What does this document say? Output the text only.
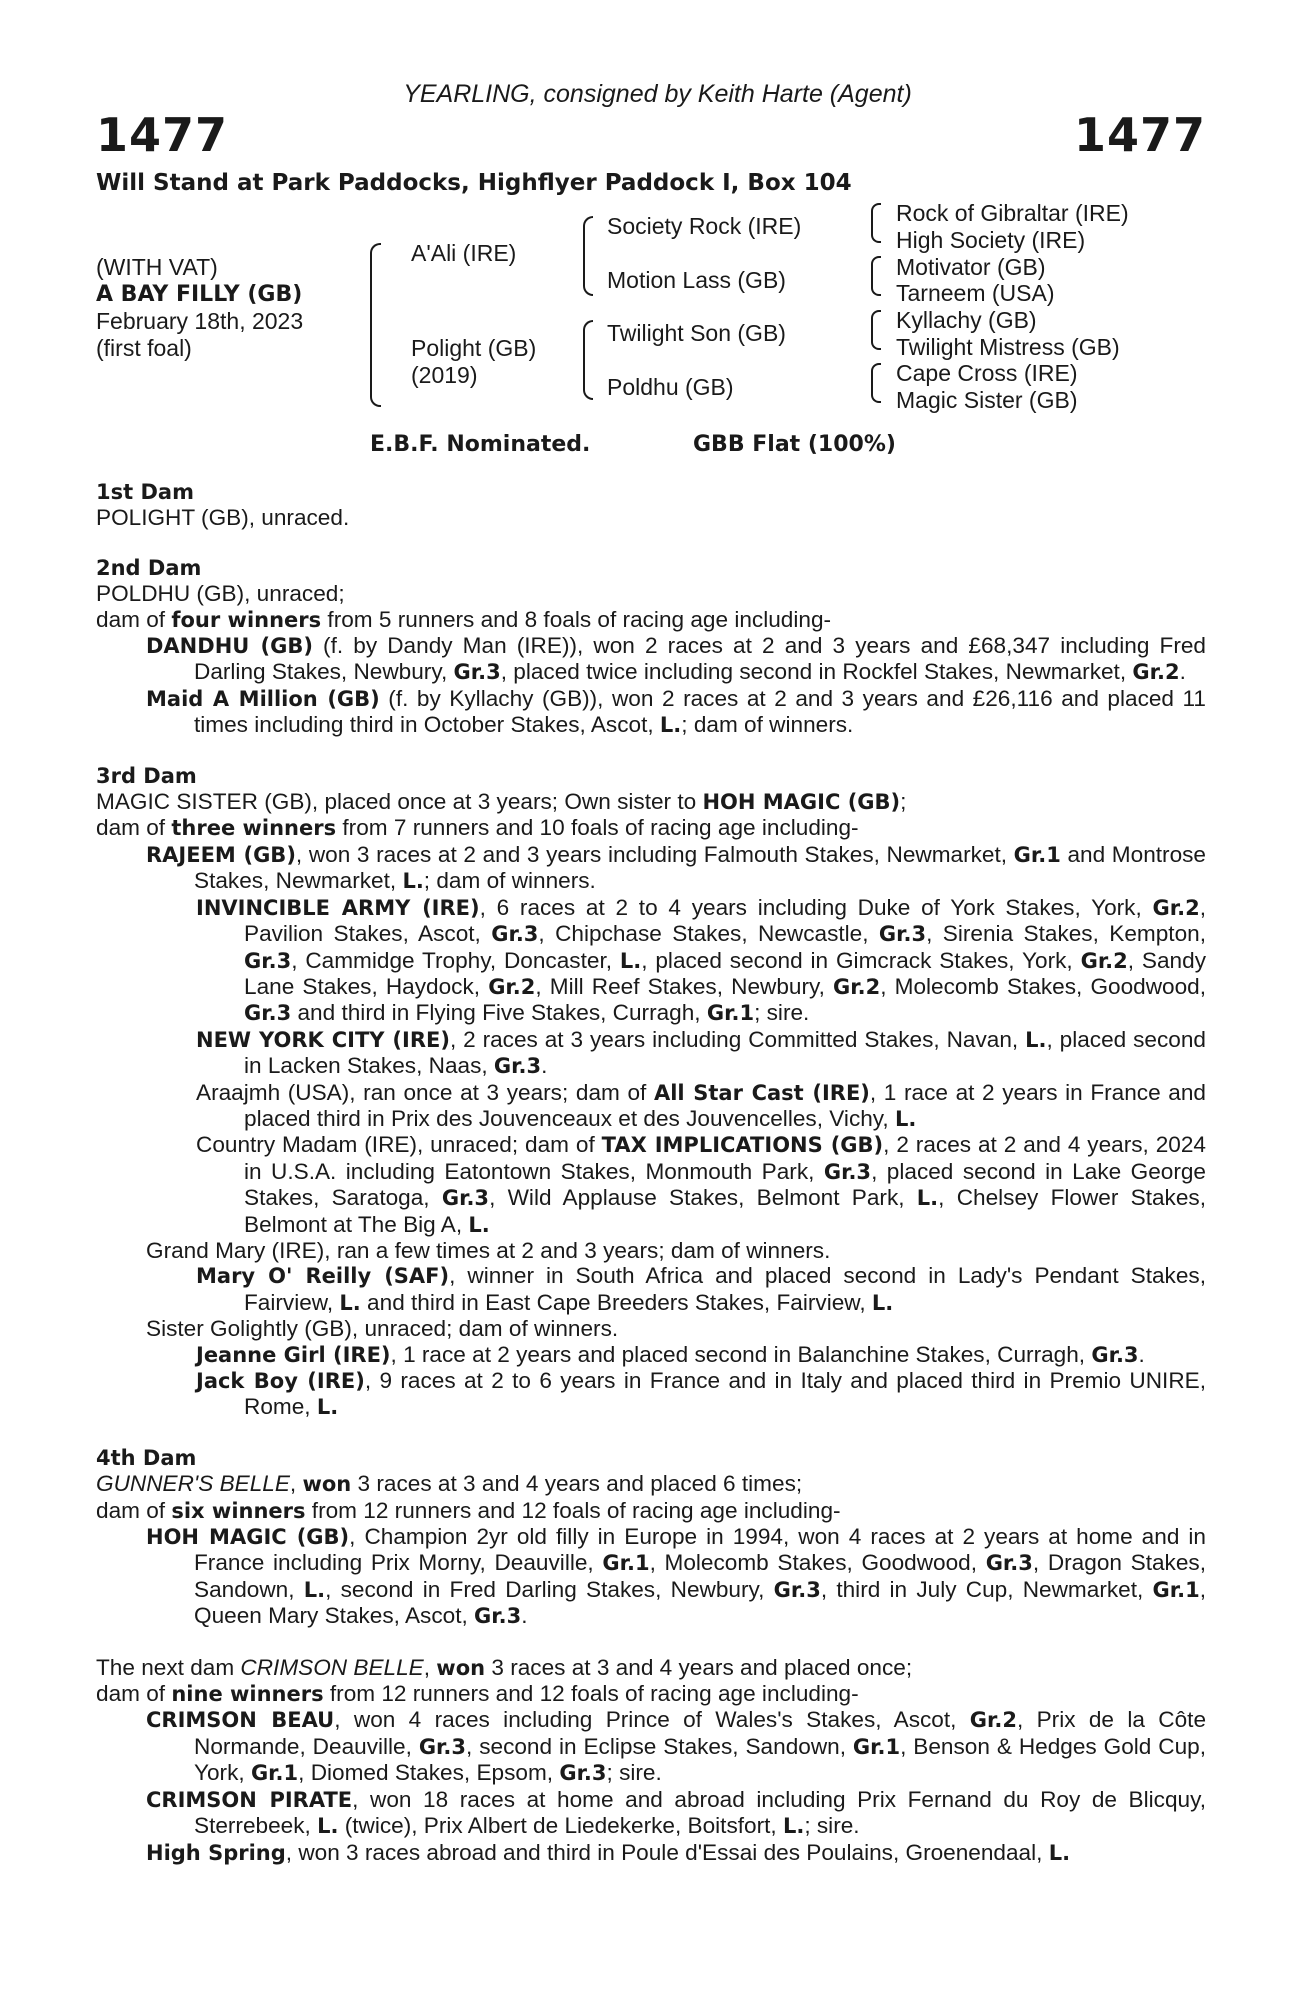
YEARLING, consigned by Keith Harte (Agent)
1477	1477
Will Stand at Park Paddocks, Highflyer Paddock I, Box 104
(WITH VAT)
A BAY FILLY (GB)
February 18th, 2023
(first foal)
A'Ali (IRE)
Polight (GB)
(2019)
Society Rock (IRE)
Motion Lass (GB)
Twilight Son (GB)
Poldhu (GB)
Rock of Gibraltar (IRE)
High Society (IRE)
Motivator (GB)
Tarneem (USA)
Kyllachy (GB)
Twilight Mistress (GB)
Cape Cross (IRE)
Magic Sister (GB)
E.B.F. Nominated.	GBB Flat (100%)
1st Dam
POLIGHT (GB), unraced.
2nd Dam
POLDHU (GB), unraced;
dam of four winners from 5 runners and 8 foals of racing age including-
DANDHU (GB) (f. by Dandy Man (IRE)), won 2 races at 2 and 3 years and £68,347 including Fred Darling Stakes, Newbury, Gr.3, placed twice including second in Rockfel Stakes, Newmarket, Gr.2.
Maid A Million (GB) (f. by Kyllachy (GB)), won 2 races at 2 and 3 years and £26,116 and placed 11 times including third in October Stakes, Ascot, L.; dam of winners.
3rd Dam
MAGIC SISTER (GB), placed once at 3 years; Own sister to HOH MAGIC (GB);
dam of three winners from 7 runners and 10 foals of racing age including-
RAJEEM (GB), won 3 races at 2 and 3 years including Falmouth Stakes, Newmarket, Gr.1 and Montrose Stakes, Newmarket, L.; dam of winners.
INVINCIBLE ARMY (IRE), 6 races at 2 to 4 years including Duke of York Stakes, York, Gr.2, Pavilion Stakes, Ascot, Gr.3, Chipchase Stakes, Newcastle, Gr.3, Sirenia Stakes, Kempton, Gr.3, Cammidge Trophy, Doncaster, L., placed second in Gimcrack Stakes, York, Gr.2, Sandy Lane Stakes, Haydock, Gr.2, Mill Reef Stakes, Newbury, Gr.2, Molecomb Stakes, Goodwood, Gr.3 and third in Flying Five Stakes, Curragh, Gr.1; sire.
NEW YORK CITY (IRE), 2 races at 3 years including Committed Stakes, Navan, L., placed second in Lacken Stakes, Naas, Gr.3.
Araajmh (USA), ran once at 3 years; dam of All Star Cast (IRE), 1 race at 2 years in France and placed third in Prix des Jouvenceaux et des Jouvencelles, Vichy, L.
Country Madam (IRE), unraced; dam of TAX IMPLICATIONS (GB), 2 races at 2 and 4 years, 2024 in U.S.A. including Eatontown Stakes, Monmouth Park, Gr.3, placed second in Lake George Stakes, Saratoga, Gr.3, Wild Applause Stakes, Belmont Park, L., Chelsey Flower Stakes, Belmont at The Big A, L.
Grand Mary (IRE), ran a few times at 2 and 3 years; dam of winners.
Mary O' Reilly (SAF), winner in South Africa and placed second in Lady's Pendant Stakes, Fairview, L. and third in East Cape Breeders Stakes, Fairview, L.
Sister Golightly (GB), unraced; dam of winners.
Jeanne Girl (IRE), 1 race at 2 years and placed second in Balanchine Stakes, Curragh, Gr.3.
Jack Boy (IRE), 9 races at 2 to 6 years in France and in Italy and placed third in Premio UNIRE, Rome, L.
4th Dam
GUNNER'S BELLE, won 3 races at 3 and 4 years and placed 6 times;
dam of six winners from 12 runners and 12 foals of racing age including-
HOH MAGIC (GB), Champion 2yr old filly in Europe in 1994, won 4 races at 2 years at home and in France including Prix Morny, Deauville, Gr.1, Molecomb Stakes, Goodwood, Gr.3, Dragon Stakes, Sandown, L., second in Fred Darling Stakes, Newbury, Gr.3, third in July Cup, Newmarket, Gr.1, Queen Mary Stakes, Ascot, Gr.3.
The next dam CRIMSON BELLE, won 3 races at 3 and 4 years and placed once;
dam of nine winners from 12 runners and 12 foals of racing age including-
CRIMSON BEAU, won 4 races including Prince of Wales's Stakes, Ascot, Gr.2, Prix de la Côte Normande, Deauville, Gr.3, second in Eclipse Stakes, Sandown, Gr.1, Benson & Hedges Gold Cup, York, Gr.1, Diomed Stakes, Epsom, Gr.3; sire.
CRIMSON PIRATE, won 18 races at home and abroad including Prix Fernand du Roy de Blicquy, Sterrebeek, L. (twice), Prix Albert de Liedekerke, Boitsfort, L.; sire.
High Spring, won 3 races abroad and third in Poule d'Essai des Poulains, Groenendaal, L.
